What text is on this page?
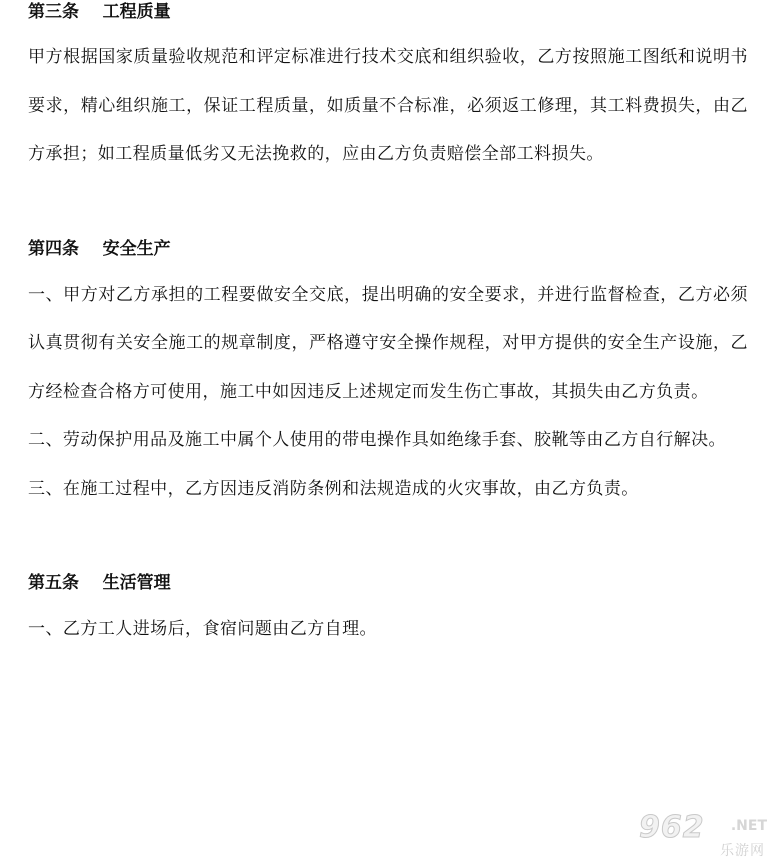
第三条    工程质量
甲方根据国家质量验收规范和评定标准进行技术交底和组织验收，乙方按照施工图纸和说明书要求，精心组织施工，保证工程质量，如质量不合标准，必须返工修理，其工料费损失，由乙方承担；如工程质量低劣又无法挽救的，应由乙方负责赔偿全部工料损失。
第四条    安全生产
一、甲方对乙方承担的工程要做安全交底，提出明确的安全要求，并进行监督检查，乙方必须认真贯彻有关安全施工的规章制度，严格遵守安全操作规程，对甲方提供的安全生产设施，乙方经检查合格方可使用，施工中如因违反上述规定而发生伤亡事故，其损失由乙方负责。
二、劳动保护用品及施工中属个人使用的带电操作具如绝缘手套、胶靴等由乙方自行解决。
三、在施工过程中，乙方因违反消防条例和法规造成的火灾事故，由乙方负责。
第五条    生活管理
一、乙方工人进场后，食宿问题由乙方自理。
962 .NET
乐游网
